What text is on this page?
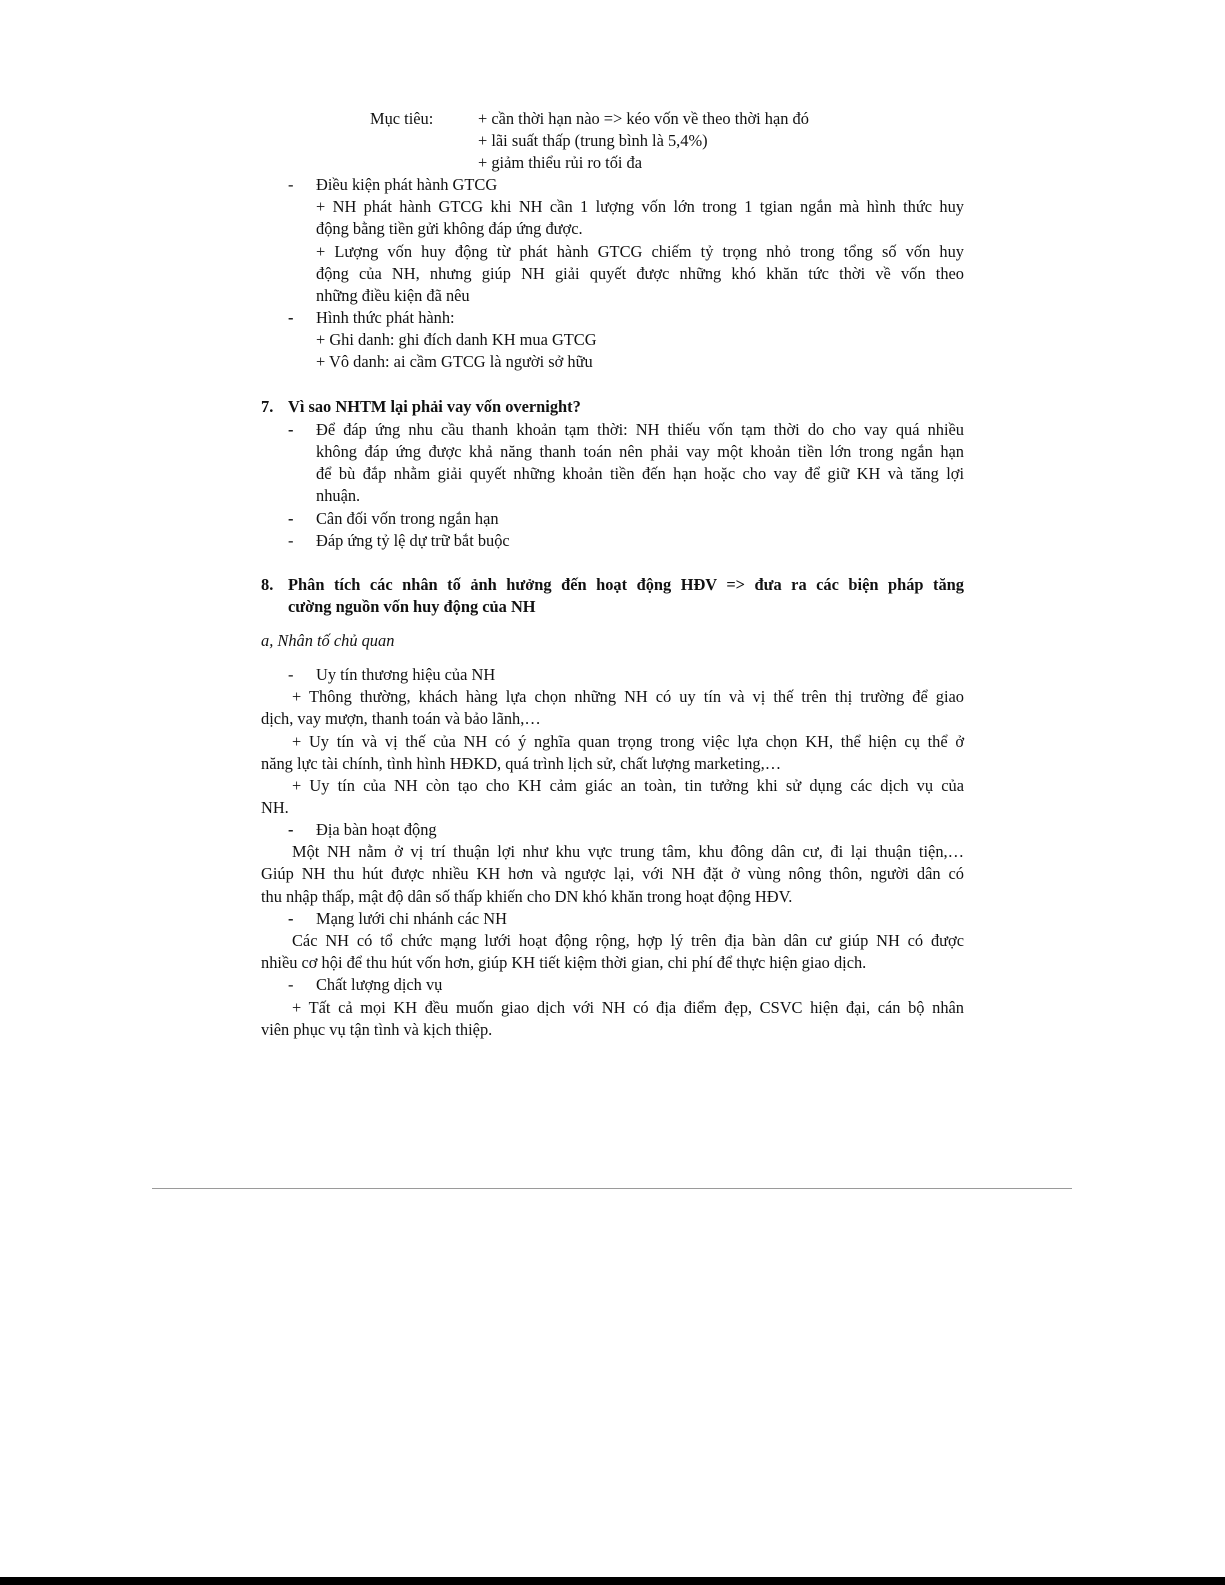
Mục tiêu:	+ cần thời hạn nào => kéo vốn về theo thời hạn đó
+ lãi suất thấp (trung bình là 5,4%)
+ giảm thiểu rủi ro tối đa
- Điều kiện phát hành GTCG
+ NH phát hành GTCG khi NH cần 1 lượng vốn lớn trong 1 tgian ngắn mà hình thức huy
động bằng tiền gửi không đáp ứng được.
+ Lượng vốn huy động từ phát hành GTCG chiếm tỷ trọng nhỏ trong tổng số vốn huy
động của NH, nhưng giúp NH giải quyết được những khó khăn tức thời về vốn theo
những điều kiện đã nêu
- Hình thức phát hành:
+ Ghi danh: ghi đích danh KH mua GTCG
+ Vô danh: ai cầm GTCG là người sở hữu
7. Vì sao NHTM lại phải vay vốn overnight?
- Để đáp ứng nhu cầu thanh khoản tạm thời: NH thiếu vốn tạm thời do cho vay quá nhiều
không đáp ứng được khả năng thanh toán nên phải vay một khoản tiền lớn trong ngắn hạn
để bù đắp nhằm giải quyết những khoản tiền đến hạn hoặc cho vay để giữ KH và tăng lợi
nhuận.
- Cân đối vốn trong ngắn hạn
- Đáp ứng tỷ lệ dự trữ bắt buộc
8. Phân tích các nhân tố ảnh hưởng đến hoạt động HĐV => đưa ra các biện pháp tăng
cường nguồn vốn huy động của NH
a, Nhân tố chủ quan
- Uy tín thương hiệu của NH
+ Thông thường, khách hàng lựa chọn những NH có uy tín và vị thế trên thị trường để giao
dịch, vay mượn, thanh toán và bảo lãnh,…
+ Uy tín và vị thế của NH có ý nghĩa quan trọng trong việc lựa chọn KH, thể hiện cụ thể ở
năng lực tài chính, tình hình HĐKD, quá trình lịch sử, chất lượng marketing,…
+ Uy tín của NH còn tạo cho KH cảm giác an toàn, tin tưởng khi sử dụng các dịch vụ của
NH.
- Địa bàn hoạt động
Một NH nằm ở vị trí thuận lợi như khu vực trung tâm, khu đông dân cư, đi lại thuận tiện,…
Giúp NH thu hút được nhiều KH hơn và ngược lại, với NH đặt ở vùng nông thôn, người dân có
thu nhập thấp, mật độ dân số thấp khiến cho DN khó khăn trong hoạt động HĐV.
- Mạng lưới chi nhánh các NH
Các NH có tổ chức mạng lưới hoạt động rộng, hợp lý trên địa bàn dân cư giúp NH có được
nhiều cơ hội để thu hút vốn hơn, giúp KH tiết kiệm thời gian, chi phí để thực hiện giao dịch.
- Chất lượng dịch vụ
+ Tất cả mọi KH đều muốn giao dịch với NH có địa điểm đẹp, CSVC hiện đại, cán bộ nhân
viên phục vụ tận tình và kịch thiệp.
